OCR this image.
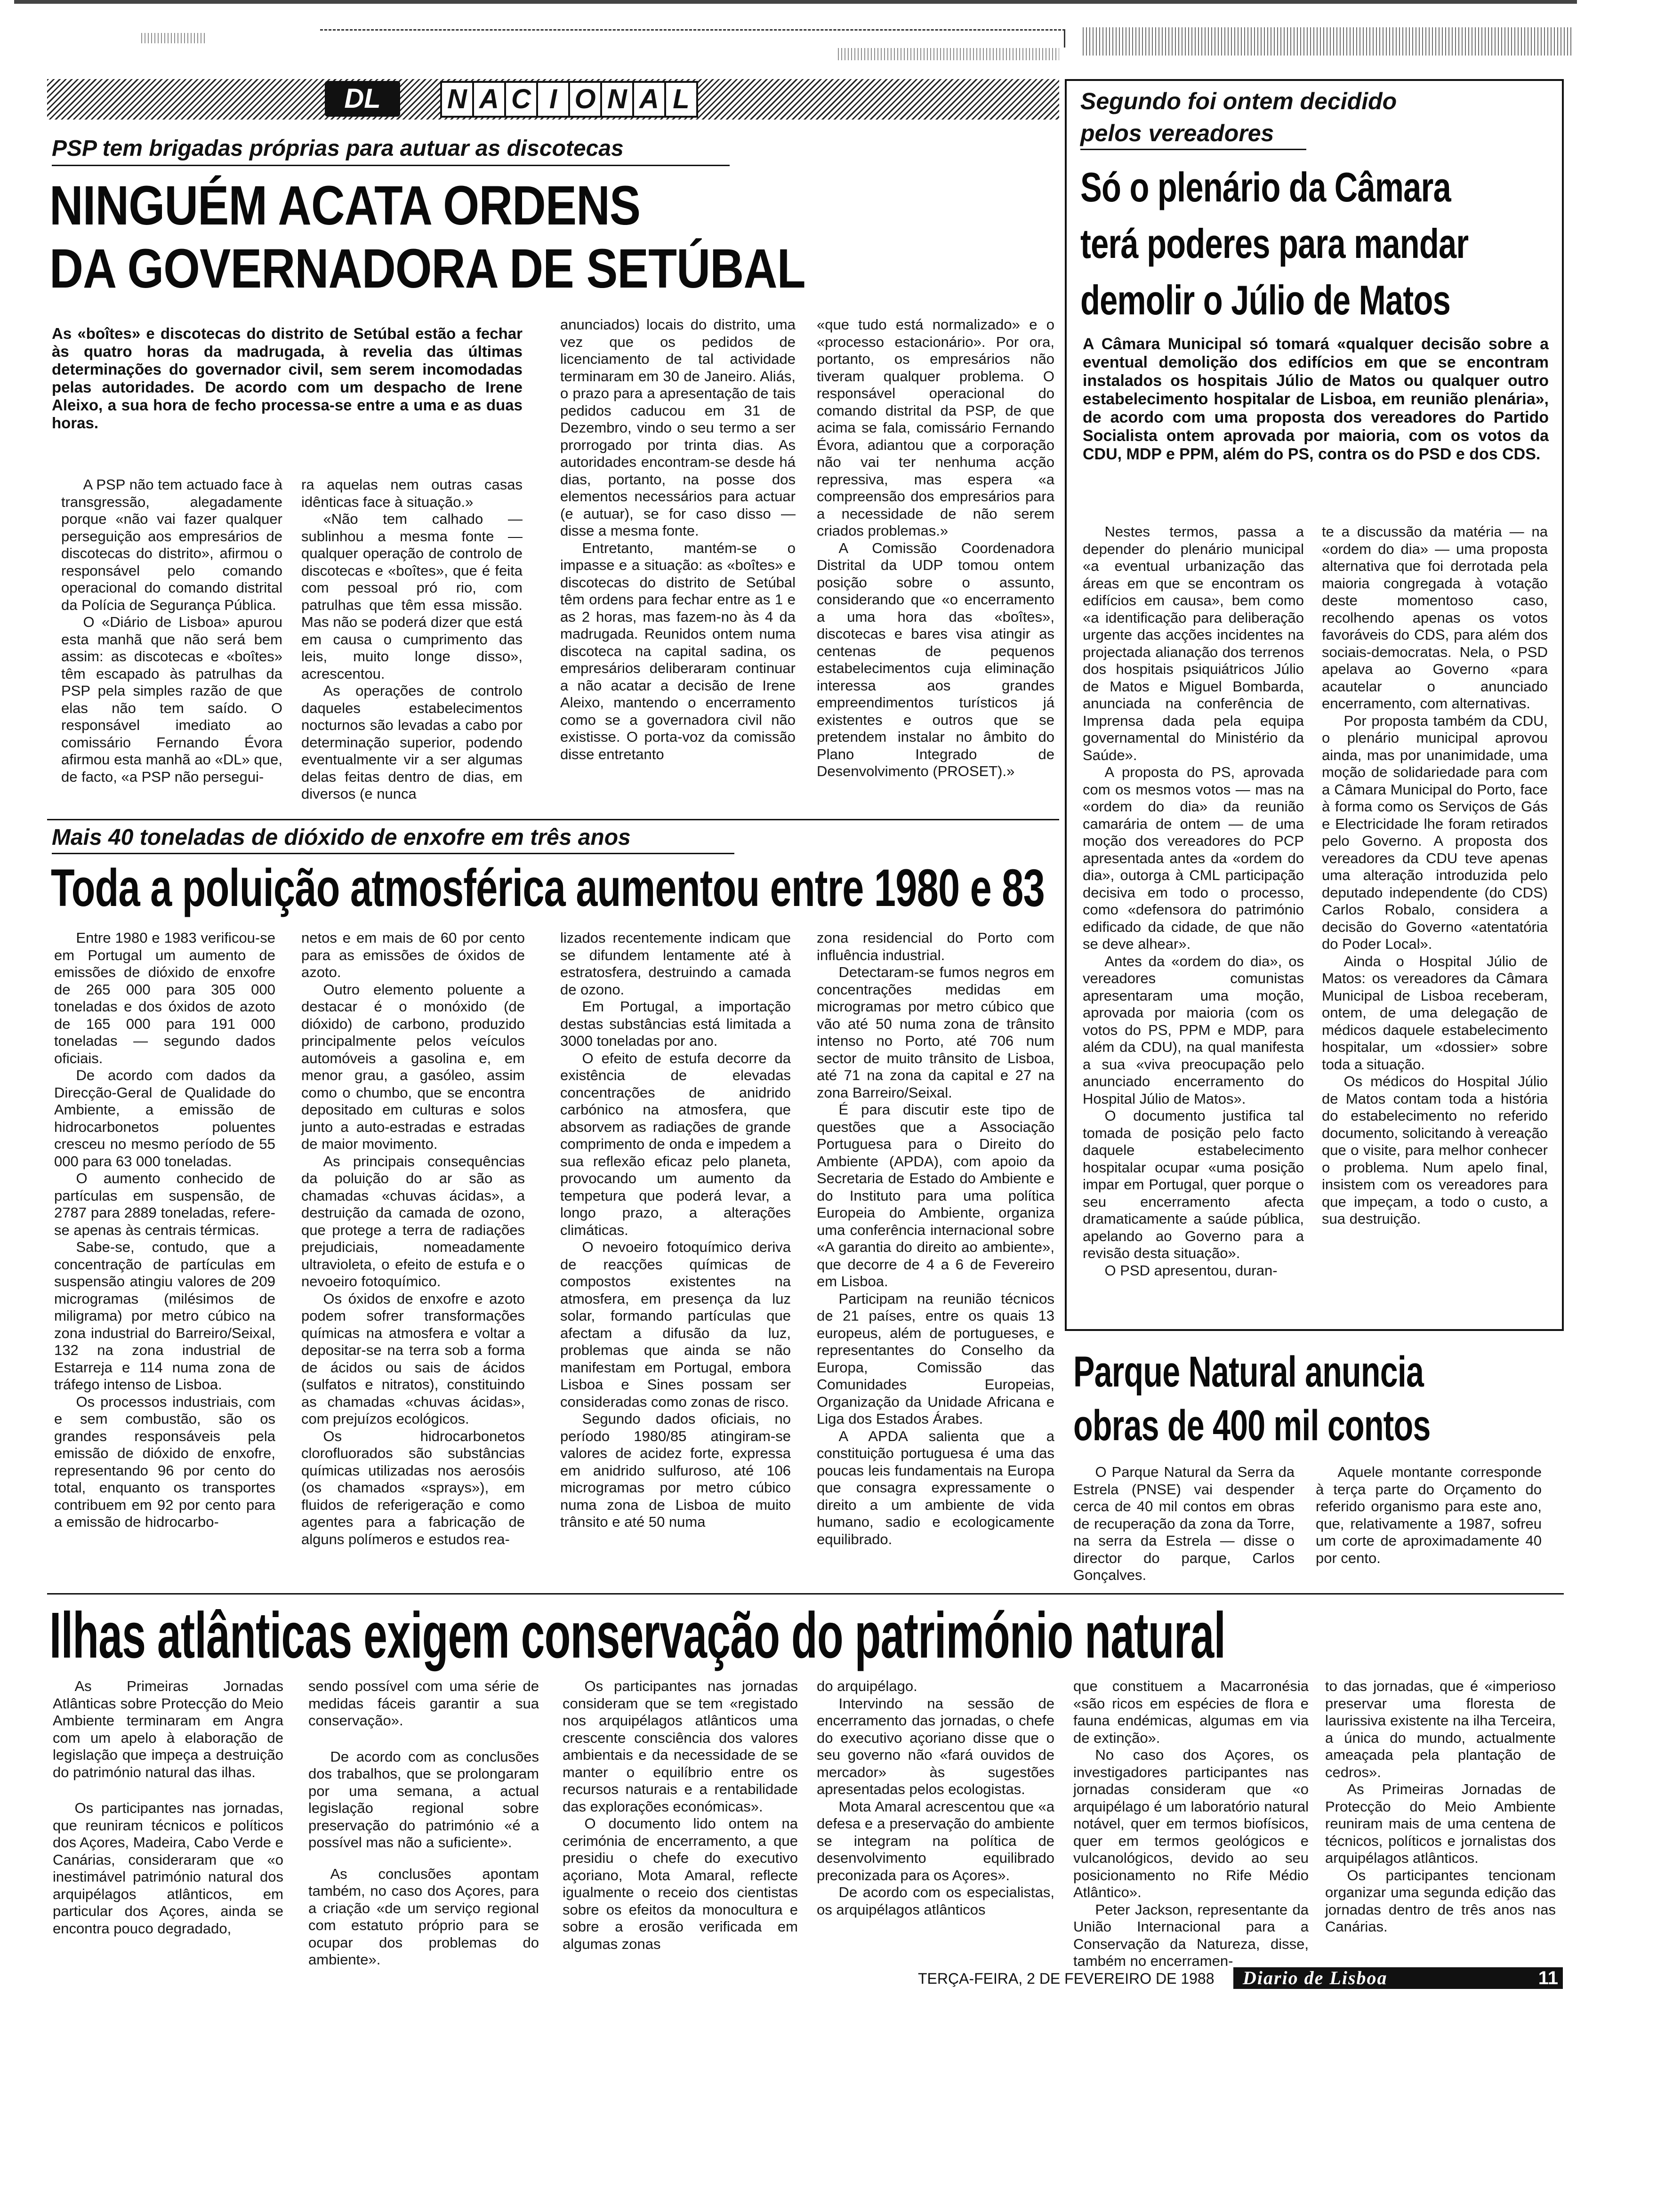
DL	N A C I O N A L
PSP tem brigadas próprias para autuar as discotecas
NINGUÉM ACATA ORDENS
DA GOVERNADORA DE SETÚBAL
As «boîtes» e discotecas do distrito de Setúbal estão a fechar às quatro horas da madrugada, à revelia das últimas determinações do governador civil, sem serem incomodadas pelas autoridades. De acordo com um despacho de Irene Aleixo, a sua hora de fecho processa-se entre a uma e as duas horas.

A PSP não tem actuado face à transgressão, alegadamente porque «não vai fazer qualquer perseguição aos empresários de discotecas do distrito», afirmou o responsável pelo comando operacional do comando distrital da Polícia de Segurança Pública.

O «Diário de Lisboa» apurou esta manhã que não será bem assim: as discotecas e «boîtes» têm escapado às patrulhas da PSP pela simples razão de que elas não tem saído. O responsável imediato ao comissário Fernando Évora afirmou esta manhã ao «DL» que, de facto, «a PSP não persegui-

ra aquelas nem outras casas idênticas face à situação.»

«Não tem calhado — sublinhou a mesma fonte — qualquer operação de controlo de discotecas e «boîtes», que é feita com pessoal pró rio, com patrulhas que têm essa missão. Mas não se poderá dizer que está em causa o cumprimento das leis, muito longe disso», acrescentou.

As operações de controlo daqueles estabelecimentos nocturnos são levadas a cabo por determinação superior, podendo eventualmente vir a ser algumas delas feitas dentro de dias, em diversos (e nunca

anunciados) locais do distrito, uma vez que os pedidos de licenciamento de tal actividade terminaram em 30 de Janeiro. Aliás, o prazo para a apresentação de tais pedidos caducou em 31 de Dezembro, vindo o seu termo a ser prorrogado por trinta dias. As autoridades encontram-se desde há dias, portanto, na posse dos elementos necessários para actuar (e autuar), se for caso disso — disse a mesma fonte.

Entretanto, mantém-se o impasse e a situação: as «boîtes» e discotecas do distrito de Setúbal têm ordens para fechar entre as 1 e as 2 horas, mas fazem-no às 4 da madrugada. Reunidos ontem numa discoteca na capital sadina, os empresários deliberaram continuar a não acatar a decisão de Irene Aleixo, mantendo o encerramento como se a governadora civil não existisse. O porta-voz da comissão disse entretanto

«que tudo está normalizado» e o «processo estacionário». Por ora, portanto, os empresários não tiveram qualquer problema. O responsável operacional do comando distrital da PSP, de que acima se fala, comissário Fernando Évora, adiantou que a corporação não vai ter nenhuma acção repressiva, mas espera «a compreensão dos empresários para a necessidade de não serem criados problemas.»

A Comissão Coordenadora Distrital da UDP tomou ontem posição sobre o assunto, considerando que «o encerramento a uma hora das «boîtes», discotecas e bares visa atingir as centenas de pequenos estabelecimentos cuja eliminação interessa aos grandes empreendimentos turísticos já existentes e outros que se pretendem instalar no âmbito do Plano Integrado de Desenvolvimento (PROSET).»

Segundo foi ontem decidido
pelos vereadores
Só o plenário da Câmara
terá poderes para mandar
demolir o Júlio de Matos
A Câmara Municipal só tomará «qualquer decisão sobre a eventual demolição dos edifícios em que se encontram instalados os hospitais Júlio de Matos ou qualquer outro estabelecimento hospitalar de Lisboa, em reunião plenária», de acordo com uma proposta dos vereadores do Partido Socialista ontem aprovada por maioria, com os votos da CDU, MDP e PPM, além do PS, contra os do PSD e dos CDS.

Nestes termos, passa a depender do plenário municipal «a eventual urbanização das áreas em que se encontram os edifícios em causa», bem como «a identificação para deliberação urgente das acções incidentes na projectada alianação dos terrenos dos hospitais psiquiátricos Júlio de Matos e Miguel Bombarda, anunciada na conferência de Imprensa dada pela equipa governamental do Ministério da Saúde».

A proposta do PS, aprovada com os mesmos votos — mas na «ordem do dia» da reunião camarária de ontem — de uma moção dos vereadores do PCP apresentada antes da «ordem do dia», outorga à CML participação decisiva em todo o processo, como «defensora do património edificado da cidade, de que não se deve alhear».

Antes da «ordem do dia», os vereadores comunistas apresentaram uma moção, aprovada por maioria (com os votos do PS, PPM e MDP, para além da CDU), na qual manifesta a sua «viva preocupação pelo anunciado encerramento do Hospital Júlio de Matos».

O documento justifica tal tomada de posição pelo facto daquele estabelecimento hospitalar ocupar «uma posição impar em Portugal, quer porque o seu encerramento afecta dramaticamente a saúde pública, apelando ao Governo para a revisão desta situação».

O PSD apresentou, duran-

te a discussão da matéria — na «ordem do dia» — uma proposta alternativa que foi derrotada pela maioria congregada à votação deste momentoso caso, recolhendo apenas os votos favoráveis do CDS, para além dos sociais-democratas. Nela, o PSD apelava ao Governo «para acautelar o anunciado encerramento, com alternativas.

Por proposta também da CDU, o plenário municipal aprovou ainda, mas por unanimidade, uma moção de solidariedade para com a Câmara Municipal do Porto, face à forma como os Serviços de Gás e Electricidade lhe foram retirados pelo Governo. A proposta dos vereadores da CDU teve apenas uma alteração introduzida pelo deputado independente (do CDS) Carlos Robalo, considera a decisão do Governo «atentatória do Poder Local».

Ainda o Hospital Júlio de Matos: os vereadores da Câmara Municipal de Lisboa receberam, ontem, de uma delegação de médicos daquele estabelecimento hospitalar, um «dossier» sobre toda a situação.

Os médicos do Hospital Júlio de Matos contam toda a história do estabelecimento no referido documento, solicitando à vereação que o visite, para melhor conhecer o problema. Num apelo final, insistem com os vereadores para que impeçam, a todo o custo, a sua destruição.

Parque Natural anuncia
obras de 400 mil contos

O Parque Natural da Serra da Estrela (PNSE) vai despender cerca de 40 mil contos em obras de recuperação da zona da Torre, na serra da Estrela — disse o director do parque, Carlos Gonçalves.

Aquele montante corresponde à terça parte do Orçamento do referido organismo para este ano, que, relativamente a 1987, sofreu um corte de aproximadamente 40 por cento.

Mais 40 toneladas de dióxido de enxofre em três anos
Toda a poluição atmosférica aumentou entre 1980 e 83

Entre 1980 e 1983 verificou-se em Portugal um aumento de emissões de dióxido de enxofre de 265 000 para 305 000 toneladas e dos óxidos de azoto de 165 000 para 191 000 toneladas — segundo dados oficiais.

De acordo com dados da Direcção-Geral de Qualidade do Ambiente, a emissão de hidrocarbonetos poluentes cresceu no mesmo período de 55 000 para 63 000 toneladas.

O aumento conhecido de partículas em suspensão, de 2787 para 2889 toneladas, refere-se apenas às centrais térmicas.

Sabe-se, contudo, que a concentração de partículas em suspensão atingiu valores de 209 microgramas (milésimos de miligrama) por metro cúbico na zona industrial do Barreiro/Seixal, 132 na zona industrial de Estarreja e 114 numa zona de tráfego intenso de Lisboa.

Os processos industriais, com e sem combustão, são os grandes responsáveis pela emissão de dióxido de enxofre, representando 96 por cento do total, enquanto os transportes contribuem em 92 por cento para a emissão de hidrocarbo-

netos e em mais de 60 por cento para as emissões de óxidos de azoto.

Outro elemento poluente a destacar é o monóxido (de dióxido) de carbono, produzido principalmente pelos veículos automóveis a gasolina e, em menor grau, a gasóleo, assim como o chumbo, que se encontra depositado em culturas e solos junto a auto-estradas e estradas de maior movimento.

As principais consequências da poluição do ar são as chamadas «chuvas ácidas», a destruição da camada de ozono, que protege a terra de radiações prejudiciais, nomeadamente ultravioleta, o efeito de estufa e o nevoeiro fotoquímico.

Os óxidos de enxofre e azoto podem sofrer transformações químicas na atmosfera e voltar a depositar-se na terra sob a forma de ácidos ou sais de ácidos (sulfatos e nitratos), constituindo as chamadas «chuvas ácidas», com prejuízos ecológicos.

Os hidrocarbonetos clorofluorados são substâncias químicas utilizadas nos aerosóis (os chamados «sprays»), em fluidos de referigeração e como agentes para a fabricação de alguns polímeros e estudos rea-

lizados recentemente indicam que se difundem lentamente até à estratosfera, destruindo a camada de ozono.

Em Portugal, a importação destas substâncias está limitada a 3000 toneladas por ano.

O efeito de estufa decorre da existência de elevadas concentrações de anidrido carbónico na atmosfera, que absorvem as radiações de grande comprimento de onda e impedem a sua reflexão eficaz pelo planeta, provocando um aumento da tempetura que poderá levar, a longo prazo, a alterações climáticas.

O nevoeiro fotoquímico deriva de reacções químicas de compostos existentes na atmosfera, em presença da luz solar, formando partículas que afectam a difusão da luz, problemas que ainda se não manifestam em Portugal, embora Lisboa e Sines possam ser consideradas como zonas de risco.

Segundo dados oficiais, no período 1980/85 atingiram-se valores de acidez forte, expressa em anidrido sulfuroso, até 106 microgramas por metro cúbico numa zona de Lisboa de muito trânsito e até 50 numa

zona residencial do Porto com influência industrial.

Detectaram-se fumos negros em concentrações medidas em microgramas por metro cúbico que vão até 50 numa zona de trânsito intenso no Porto, até 706 num sector de muito trânsito de Lisboa, até 71 na zona da capital e 27 na zona Barreiro/Seixal.

É para discutir este tipo de questões que a Associação Portuguesa para o Direito do Ambiente (APDA), com apoio da Secretaria de Estado do Ambiente e do Instituto para uma política Europeia do Ambiente, organiza uma conferência internacional sobre «A garantia do direito ao ambiente», que decorre de 4 a 6 de Fevereiro em Lisboa.

Participam na reunião técnicos de 21 países, entre os quais 13 europeus, além de portugueses, e representantes do Conselho da Europa, Comissão das Comunidades Europeias, Organização da Unidade Africana e Liga dos Estados Árabes.

A APDA salienta que a constituição portuguesa é uma das poucas leis fundamentais na Europa que consagra expressamente o direito a um ambiente de vida humano, sadio e ecologicamente equilibrado.

Ilhas atlânticas exigem conservação do património natural

As Primeiras Jornadas Atlânticas sobre Protecção do Meio Ambiente terminaram em Angra com um apelo à elaboração de legislação que impeça a destruição do património natural das ilhas.

Os participantes nas jornadas, que reuniram técnicos e políticos dos Açores, Madeira, Cabo Verde e Canárias, consideraram que «o inestimável património natural dos arquipélagos atlânticos, em particular dos Açores, ainda se encontra pouco degradado,

sendo possível com uma série de medidas fáceis garantir a sua conservação».

De acordo com as conclusões dos trabalhos, que se prolongaram por uma semana, a actual legislação regional sobre preservação do património «é a possível mas não a suficiente».

As conclusões apontam também, no caso dos Açores, para a criação «de um serviço regional com estatuto próprio para se ocupar dos problemas do ambiente».

Os participantes nas jornadas consideram que se tem «registado nos arquipélagos atlânticos uma crescente consciência dos valores ambientais e da necessidade de se manter o equilíbrio entre os recursos naturais e a rentabilidade das explorações económicas».

O documento lido ontem na cerimónia de encerramento, a que presidiu o chefe do executivo açoriano, Mota Amaral, reflecte igualmente o receio dos cientistas sobre os efeitos da monocultura e sobre a erosão verificada em algumas zonas

do arquipélago.

Intervindo na sessão de encerramento das jornadas, o chefe do executivo açoriano disse que o seu governo não «fará ouvidos de mercador» às sugestões apresentadas pelos ecologistas.

Mota Amaral acrescentou que «a defesa e a preservação do ambiente se integram na política de desenvolvimento equilibrado preconizada para os Açores».

De acordo com os especialistas, os arquipélagos atlânticos

que constituem a Macarronésia «são ricos em espécies de flora e fauna endémicas, algumas em via de extinção».

No caso dos Açores, os investigadores participantes nas jornadas consideram que «o arquipélago é um laboratório natural notável, quer em termos biofísicos, quer em termos geológicos e vulcanológicos, devido ao seu posicionamento no Rife Médio Atlântico».

Peter Jackson, representante da União Internacional para a Conservação da Natureza, disse, também no encerramen-

to das jornadas, que é «imperioso preservar uma floresta de laurissiva existente na ilha Terceira, a única do mundo, actualmente ameaçada pela plantação de cedros».

As Primeiras Jornadas de Protecção do Meio Ambiente reuniram mais de uma centena de técnicos, políticos e jornalistas dos arquipélagos atlânticos.

Os participantes tencionam organizar uma segunda edição das jornadas dentro de três anos nas Canárias.

TERÇA-FEIRA, 2 DE FEVEREIRO DE 1988 Diario de Lisboa	11
